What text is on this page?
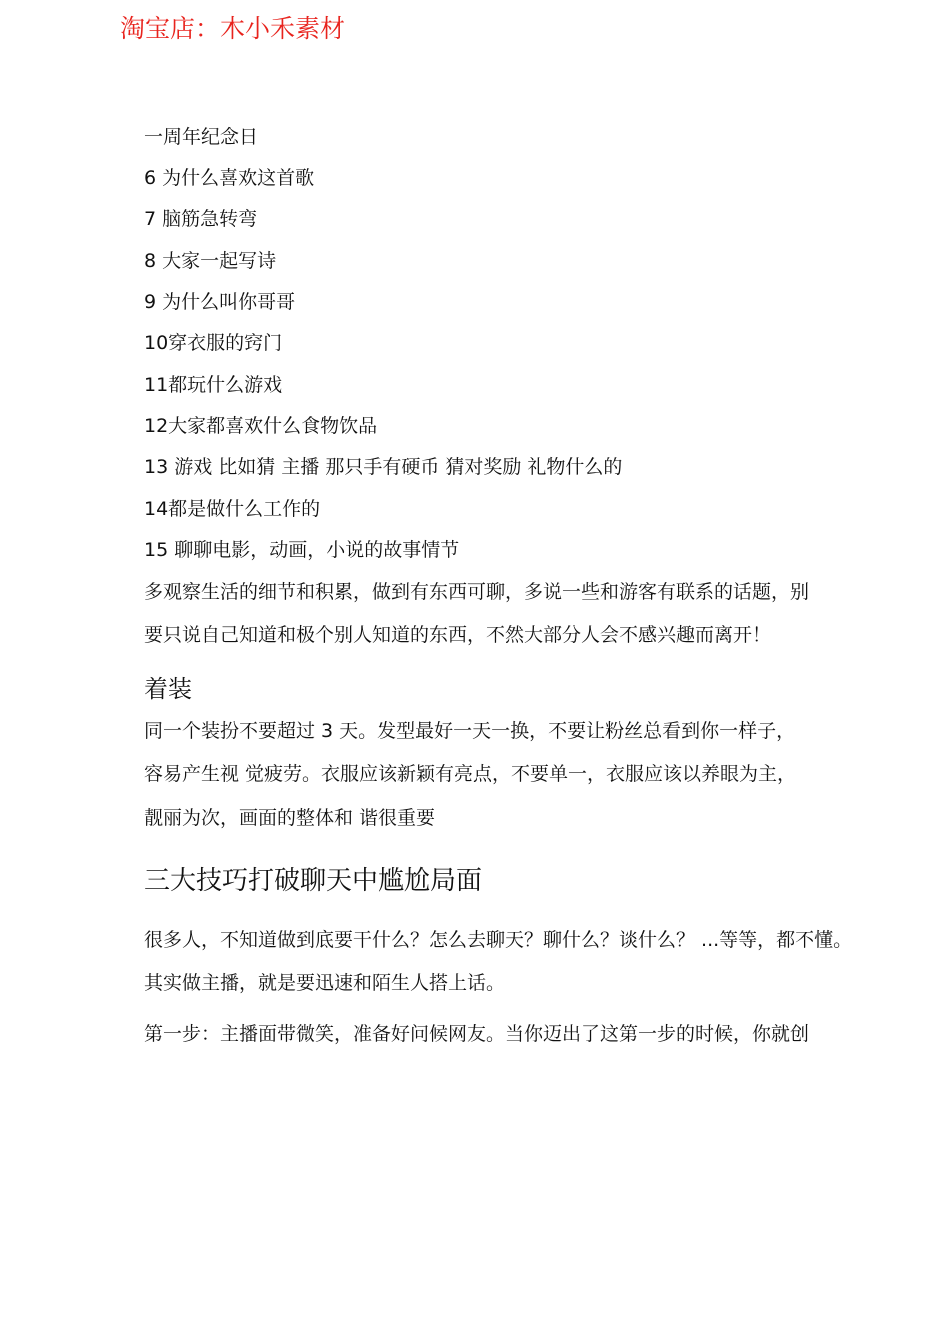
淘宝店：木小禾素材
一周年纪念日
6 为什么喜欢这首歌
7 脑筋急转弯
8 大家一起写诗
9 为什么叫你哥哥
10穿衣服的窍门
11都玩什么游戏
12大家都喜欢什么食物饮品
13 游戏 比如猜 主播 那只手有硬币 猜对奖励 礼物什么的
14都是做什么工作的
15 聊聊电影，动画，小说的故事情节
多观察生活的细节和积累，做到有东西可聊，多说一些和游客有联系的话题，别
要只说自己知道和极个别人知道的东西，不然大部分人会不感兴趣而离开！
着装
同一个装扮不要超过 3 天。发型最好一天一换，不要让粉丝总看到你一样子，
容易产生视 觉疲劳。衣服应该新颖有亮点，不要单一，衣服应该以养眼为主，
靓丽为次，画面的整体和 谐很重要
三大技巧打破聊天中尴尬局面
很多人，不知道做到底要干什么？怎么去聊天？聊什么？谈什么？ ...等等，都不懂。
其实做主播，就是要迅速和陌生人搭上话。
第一步：主播面带微笑，准备好问候网友。当你迈出了这第一步的时候，你就创
